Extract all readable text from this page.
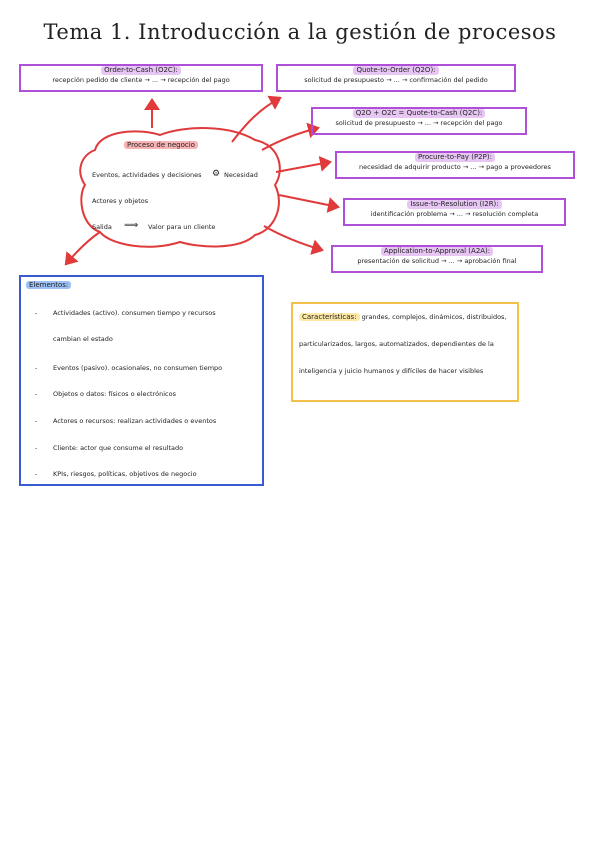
Tema 1. Introducción a la gestión de procesos
Order-to-Cash (O2C):
recepción pedido de cliente → ... → recepción del pago
Quote-to-Order (Q2O):
solicitud de presupuesto → ... → confirmación del pedido
Q2O + O2C = Quote-to-Cash (Q2C):
solicitud de presupuesto → ... → recepción del pago
Procure-to-Pay (P2P):
necesidad de adquirir producto → ... → pago a proveedores
Issue-to-Resolution (I2R):
identificación problema → ... → resolución completa
Application-to-Approval (A2A):
presentación de solicitud → ... → aprobación final
Proceso de negocio
Eventos, actividades y decisiones ⚙ Necesidad
Actores y objetos
Salida ⟹ Valor para un cliente
Elementos:
- Actividades (activo). consumen tiempo y recursos
cambian el estado
- Eventos (pasivo). ocasionales, no consumen tiempo
- Objetos o datos: físicos o electrónicos
- Actores o recursos: realizan actividades o eventos
- Cliente: actor que consume el resultado
- KPIs, riesgos, políticas, objetivos de negocio
Características: grandes, complejos, dinámicos, distribuidos, particularizados, largos, automatizados, dependientes de la inteligencia y juicio humanos y difíciles de hacer visibles
